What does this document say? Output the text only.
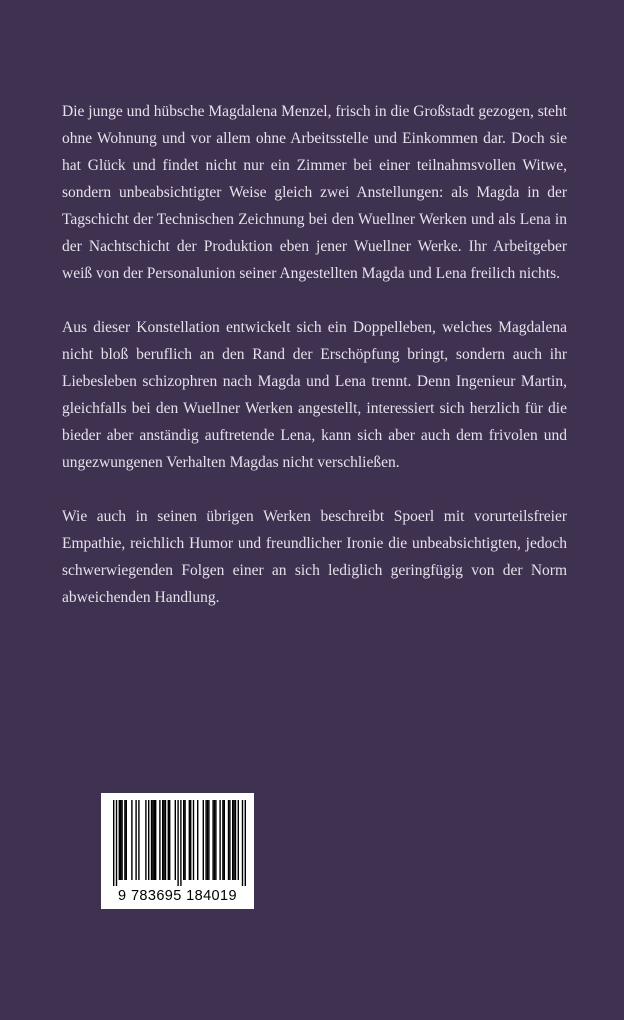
Die junge und hübsche Magdalena Menzel, frisch in die Großstadt gezogen, steht ohne Wohnung und vor allem ohne Arbeitsstelle und Einkommen dar. Doch sie hat Glück und findet nicht nur ein Zimmer bei einer teilnahmsvollen Witwe, sondern unbeabsichtigter Weise gleich zwei Anstellungen: als Magda in der Tagschicht der Technischen Zeichnung bei den Wuellner Werken und als Lena in der Nachtschicht der Produktion eben jener Wuellner Werke. Ihr Arbeitgeber weiß von der Personalunion seiner Angestellten Magda und Lena freilich nichts.

Aus dieser Konstellation entwickelt sich ein Doppelleben, welches Magdalena nicht bloß beruflich an den Rand der Erschöpfung bringt, sondern auch ihr Liebesleben schizophren nach Magda und Lena trennt. Denn Ingenieur Martin, gleichfalls bei den Wuellner Werken angestellt, interessiert sich herzlich für die bieder aber anständig auftretende Lena, kann sich aber auch dem frivolen und ungezwungenen Verhalten Magdas nicht verschließen.

Wie auch in seinen übrigen Werken beschreibt Spoerl mit vorurteilsfreier Empathie, reichlich Humor und freundlicher Ironie die unbeabsichtigten, jedoch schwerwiegenden Folgen einer an sich lediglich geringfügig von der Norm abweichenden Handlung.

9 783695 184019
